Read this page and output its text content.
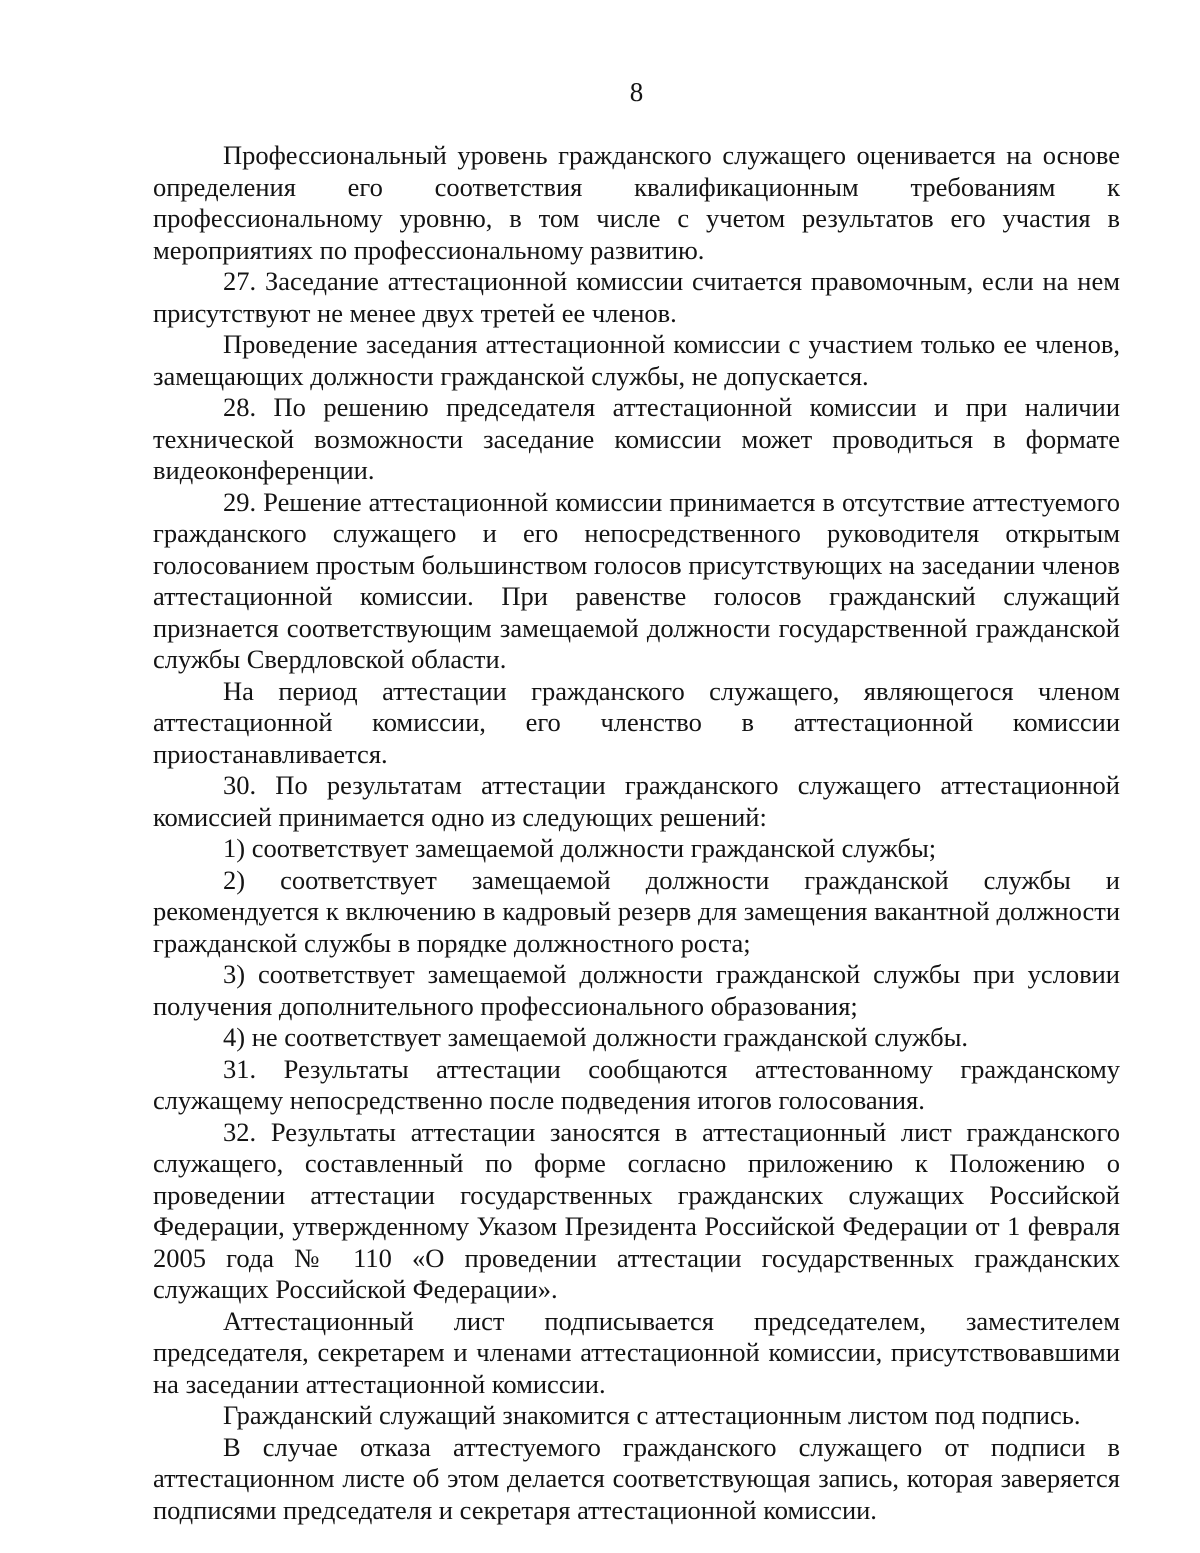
8

Профессиональный уровень гражданского служащего оценивается на основе определения его соответствия квалификационным требованиям к профессиональному уровню, в том числе с учетом результатов его участия в мероприятиях по профессиональному развитию.

27. Заседание аттестационной комиссии считается правомочным, если на нем присутствуют не менее двух третей ее членов.

Проведение заседания аттестационной комиссии с участием только ее членов, замещающих должности гражданской службы, не допускается.

28. По решению председателя аттестационной комиссии и при наличии технической возможности заседание комиссии может проводиться в формате видеоконференции.

29. Решение аттестационной комиссии принимается в отсутствие аттестуемого гражданского служащего и его непосредственного руководителя открытым голосованием простым большинством голосов присутствующих на заседании членов аттестационной комиссии. При равенстве голосов гражданский служащий признается соответствующим замещаемой должности государственной гражданской службы Свердловской области.

На период аттестации гражданского служащего, являющегося членом аттестационной комиссии, его членство в аттестационной комиссии приостанавливается.

30. По результатам аттестации гражданского служащего аттестационной комиссией принимается одно из следующих решений:

1) соответствует замещаемой должности гражданской службы;

2) соответствует замещаемой должности гражданской службы и рекомендуется к включению в кадровый резерв для замещения вакантной должности гражданской службы в порядке должностного роста;

3) соответствует замещаемой должности гражданской службы при условии получения дополнительного профессионального образования;

4) не соответствует замещаемой должности гражданской службы.

31. Результаты аттестации сообщаются аттестованному гражданскому служащему непосредственно после подведения итогов голосования.

32. Результаты аттестации заносятся в аттестационный лист гражданского служащего, составленный по форме согласно приложению к Положению о проведении аттестации государственных гражданских служащих Российской Федерации, утвержденному Указом Президента Российской Федерации от 1 февраля 2005 года № 110 «О проведении аттестации государственных гражданских служащих Российской Федерации».

Аттестационный лист подписывается председателем, заместителем председателя, секретарем и членами аттестационной комиссии, присутствовавшими на заседании аттестационной комиссии.

Гражданский служащий знакомится с аттестационным листом под подпись.

В случае отказа аттестуемого гражданского служащего от подписи в аттестационном листе об этом делается соответствующая запись, которая заверяется подписями председателя и секретаря аттестационной комиссии.
